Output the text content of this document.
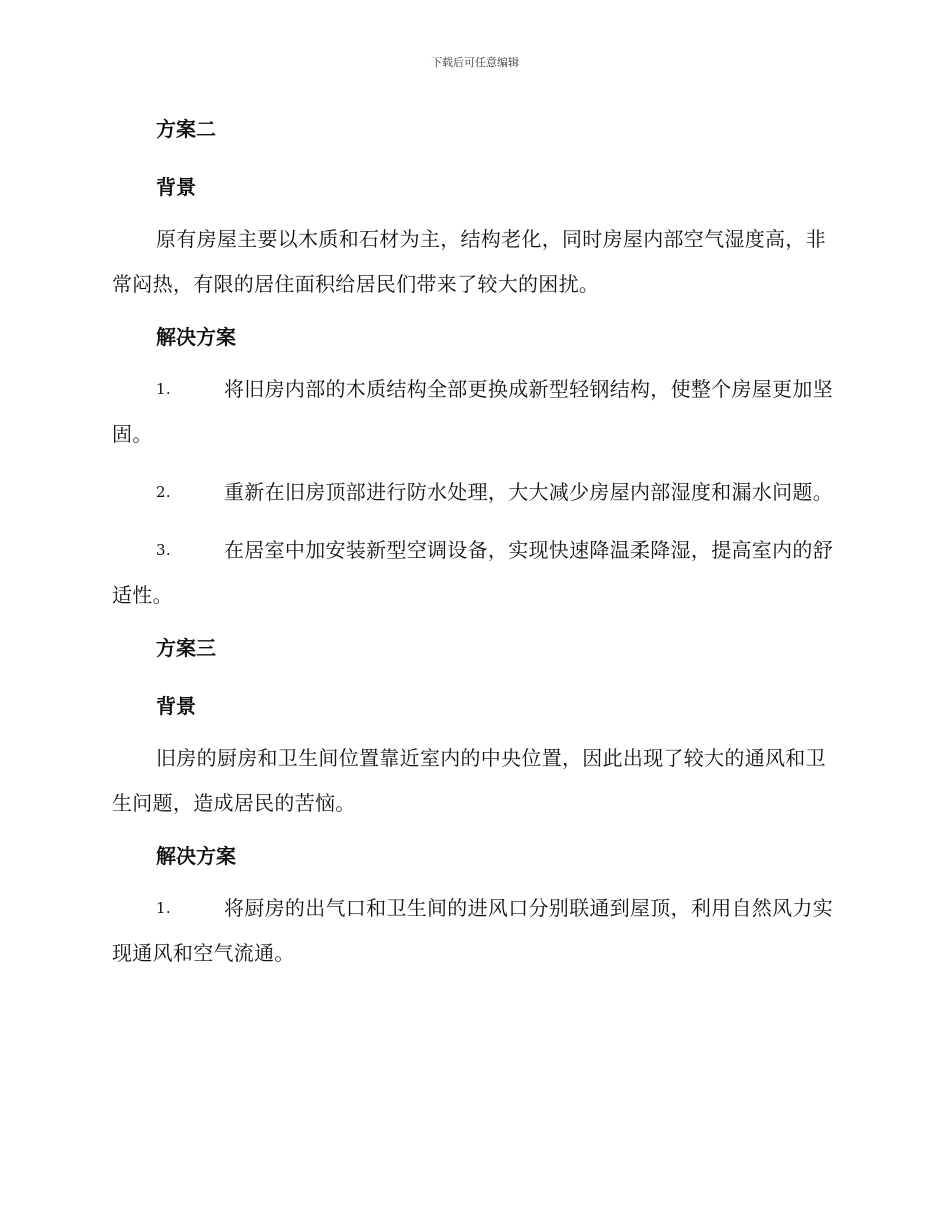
下载后可任意编辑
方案二
背景

原有房屋主要以木质和石材为主，结构老化，同时房屋内部空气湿度高，非常闷热，有限的居住面积给居民们带来了较大的困扰。

解决方案

1.	将旧房内部的木质结构全部更换成新型轻钢结构，使整个房屋更加坚固。

2.	重新在旧房顶部进行防水处理，大大减少房屋内部湿度和漏水问题。

3.	在居室中加安装新型空调设备，实现快速降温柔降湿，提高室内的舒适性。

方案三
背景

旧房的厨房和卫生间位置靠近室内的中央位置，因此出现了较大的通风和卫生问题，造成居民的苦恼。

解决方案

1.	将厨房的出气口和卫生间的进风口分别联通到屋顶，利用自然风力实现通风和空气流通。
